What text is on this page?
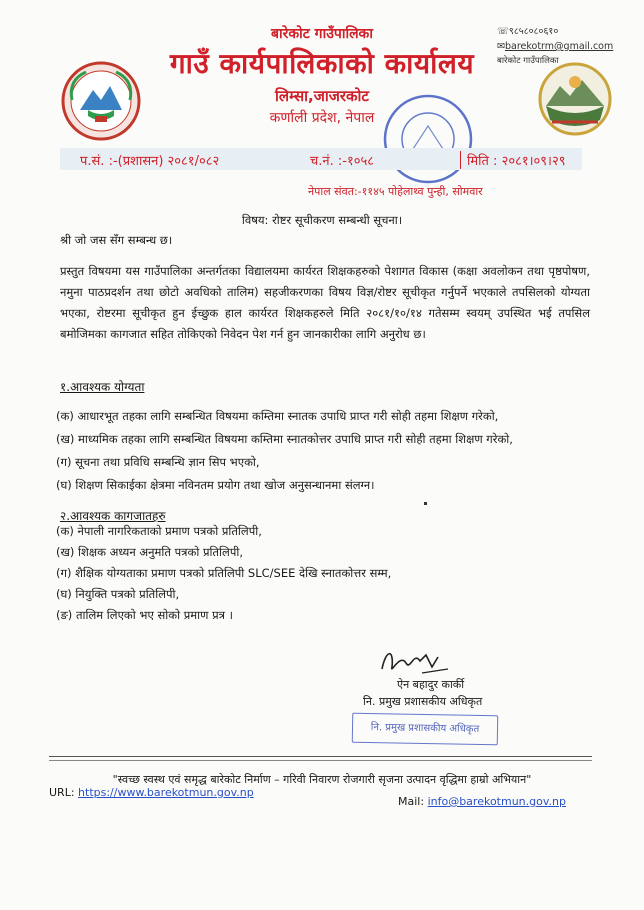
बारेकोट गाउँपालिका
गाउँ कार्यपालिकाको कार्यालय
लिम्सा,जाजरकोट
कर्णाली प्रदेश, नेपाल
☏९८५८०८०६१०
✉barekotrm@gmail.com
बारेकोट गाउँपालिका
प.सं. :-(प्रशासन) २०८१/०८२	च.नं. :-१०५८	मिति : २०८१।०९।२९
नेपाल संवत:-११४५ पोहेलाथ्व पुन्ही, सोमवार
विषय: रोष्टर सूचीकरण सम्बन्धी सूचना।
श्री जो जस सँग सम्बन्ध छ।
प्रस्तुत विषयमा यस गाउँपालिका अन्तर्गतका विद्यालयमा कार्यरत शिक्षकहरुको पेशागत विकास (कक्षा अवलोकन तथा पृष्ठपोषण, नमुना पाठप्रदर्शन तथा छोटो अवधिको तालिम) सहजीकरणका विषय विज्ञ/रोष्टर सूचीकृत गर्नुपर्ने भएकाले तपसिलको योग्यता भएका, रोष्टरमा सूचीकृत हुन ईच्छुक हाल कार्यरत शिक्षकहरुले मिति २०८१/१०/१४ गतेसम्म स्वयम् उपस्थित भई तपसिल बमोजिमका कागजात सहित तोकिएको निवेदन पेश गर्न हुन जानकारीका लागि अनुरोध छ।
१.आवश्यक योग्यता
(क) आधारभूत तहका लागि सम्बन्धित विषयमा कम्तिमा स्नातक उपाधि प्राप्त गरी सोही तहमा शिक्षण गरेको,
(ख) माध्यमिक तहका लागि सम्बन्धित विषयमा कम्तिमा स्नातकोत्तर उपाधि प्राप्त गरी सोही तहमा शिक्षण गरेको,
(ग) सूचना तथा प्रविधि सम्बन्धि ज्ञान सिप भएको,
(घ) शिक्षण सिकाईका क्षेत्रमा नविनतम प्रयोग तथा खोज अनुसन्धानमा संलग्न।
२.आवश्यक कागजातहरु
(क) नेपाली नागरिकताको प्रमाण पत्रको प्रतिलिपी,
(ख) शिक्षक अध्यन अनुमति पत्रको प्रतिलिपी,
(ग) शैक्षिक योग्यताका प्रमाण पत्रको प्रतिलिपी SLC/SEE देखि स्नातकोत्तर सम्म,
(घ) नियुक्ति पत्रको प्रतिलिपी,
(ङ) तालिम लिएको भए सोको प्रमाण प्रत्र ।
ऐन बहादुर कार्की
नि. प्रमुख प्रशासकीय अधिकृत
नि. प्रमुख प्रशासकीय अधिकृत
"स्वच्छ स्वस्थ एवं समृद्ध बारेकोट निर्माण – गरिवी निवारण रोजगारी सृजना उत्पादन वृद्धिमा हाम्रो अभियान"
URL: https://www.barekotmun.gov.np
Mail: info@barekotmun.gov.np
